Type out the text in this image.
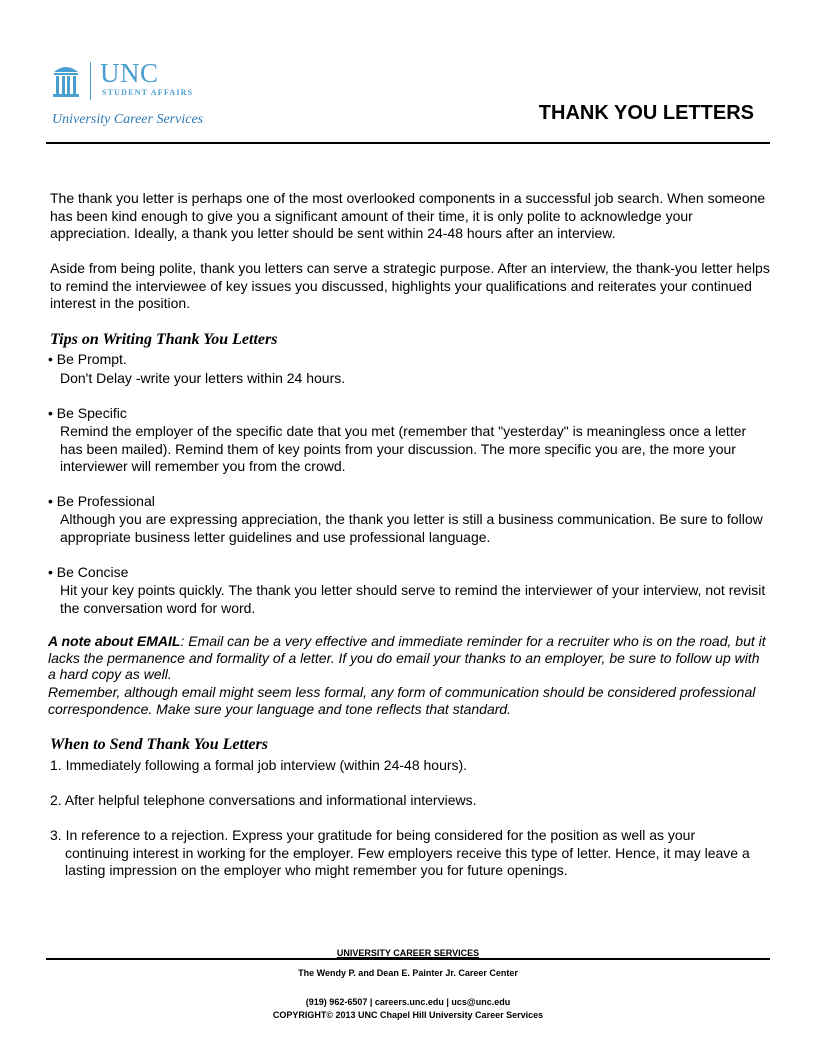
UNC
STUDENT AFFAIRS
University Career Services	THANK YOU LETTERS
The thank you letter is perhaps one of the most overlooked components in a successful job search. When someone has been kind enough to give you a significant amount of their time, it is only polite to acknowledge your appreciation. Ideally, a thank you letter should be sent within 24-48 hours after an interview.
Aside from being polite, thank you letters can serve a strategic purpose. After an interview, the thank-you letter helps to remind the interviewee of key issues you discussed, highlights your qualifications and reiterates your continued interest in the position.
Tips on Writing Thank You Letters
• Be Prompt.
Don't Delay -write your letters within 24 hours.
• Be Specific
Remind the employer of the specific date that you met (remember that "yesterday" is meaningless once a letter has been mailed). Remind them of key points from your discussion. The more specific you are, the more your interviewer will remember you from the crowd.
• Be Professional
Although you are expressing appreciation, the thank you letter is still a business communication. Be sure to follow appropriate business letter guidelines and use professional language.
• Be Concise
Hit your key points quickly. The thank you letter should serve to remind the interviewer of your interview, not revisit the conversation word for word.
A note about EMAIL: Email can be a very effective and immediate reminder for a recruiter who is on the road, but it lacks the permanence and formality of a letter. If you do email your thanks to an employer, be sure to follow up with a hard copy as well.
Remember, although email might seem less formal, any form of communication should be considered professional correspondence. Make sure your language and tone reflects that standard.
When to Send Thank You Letters
1. Immediately following a formal job interview (within 24-48 hours).
2. After helpful telephone conversations and informational interviews.
3. In reference to a rejection. Express your gratitude for being considered for the position as well as your
continuing interest in working for the employer. Few employers receive this type of letter. Hence, it may leave a lasting impression on the employer who might remember you for future openings.
UNIVERSITY CAREER SERVICES
The Wendy P. and Dean E. Painter Jr. Career Center
(919) 962-6507 | careers.unc.edu | ucs@unc.edu
COPYRIGHT© 2013 UNC Chapel Hill University Career Services
